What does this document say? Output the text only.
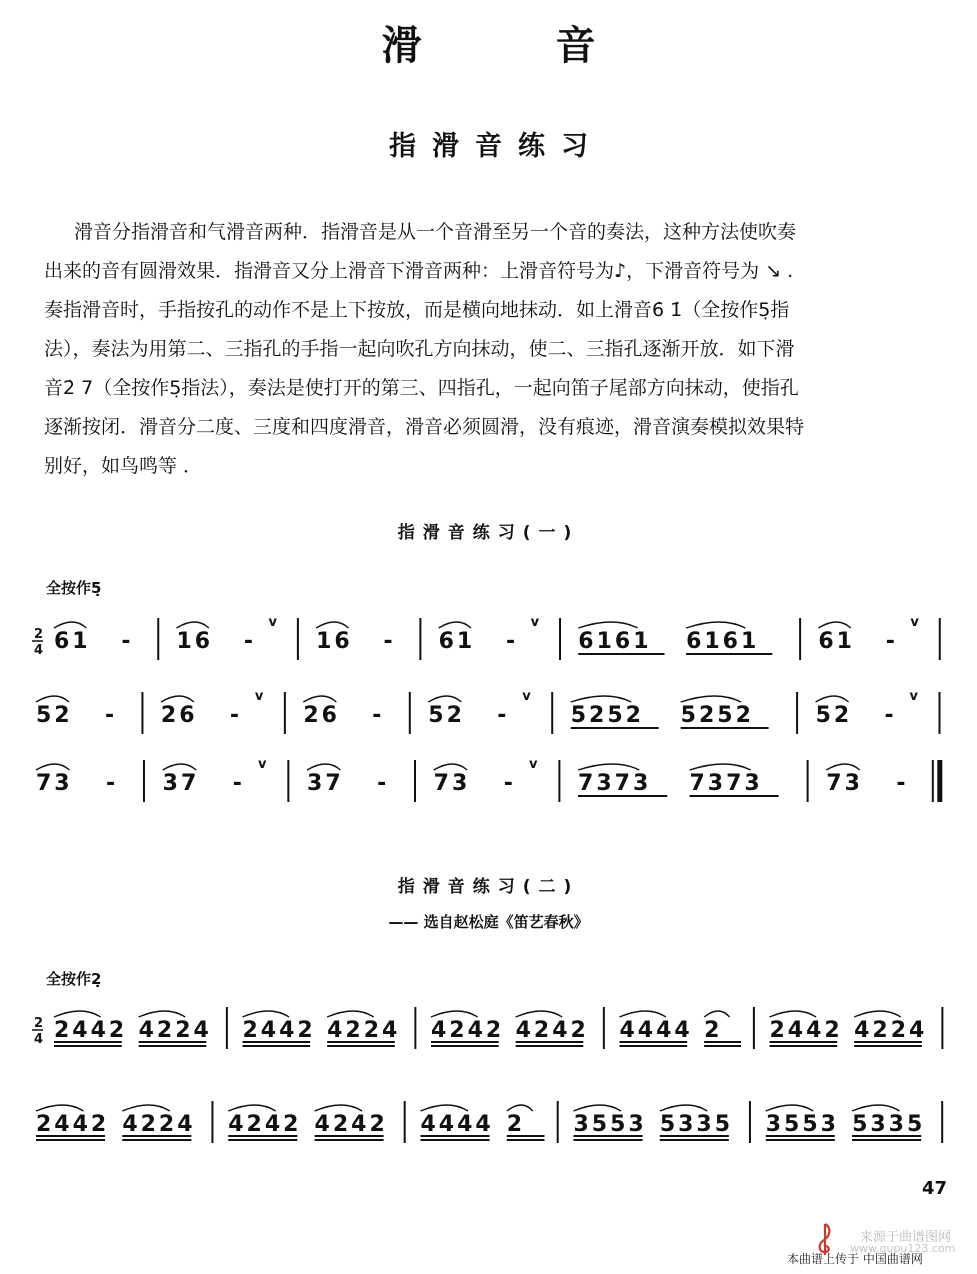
滑 音
指滑音练习
滑音分指滑音和气滑音两种．指滑音是从一个音滑至另一个音的奏法，这种方法使吹奏
出来的音有圆滑效果．指滑音又分上滑音下滑音两种：上滑音符号为♪，下滑音符号为 ↘ .
奏指滑音时，手指按孔的动作不是上下按放，而是横向地抹动．如上滑音6̇ 1̇（全按作5̣指
法），奏法为用第二、三指孔的手指一起向吹孔方向抹动，使二、三指孔逐渐开放．如下滑
音2̇ 7（全按作5̣指法），奏法是使打开的第三、四指孔，一起向笛子尾部方向抹动，使指孔
逐渐按闭．滑音分二度、三度和四度滑音，滑音必须圆滑，没有痕迹，滑音演奏模拟效果特
别好，如鸟鸣等 ．
指滑音练习(一)
全按作5̣
2
4 61 - 16 -
v
16 - 61 -
v
6161 6161	61 -
v
52 - 26 -
v
26 - 52 -
v
5252 5252	52 -
v
73 - 37 -
v
37 - 73 -
v
7373 7373	73 -
指滑音练习(二)
—— 选自赵松庭《笛艺春秋》
全按作2̣
2
4 2442 4224 2442 4224 4242 4242 4444 2 2442 4224
2442 4224 4242 4242 4444 2 3553 5335 3553 5335
47
来源于曲谱图网
www.qupu123.com
本曲谱上传于 中国曲谱网
